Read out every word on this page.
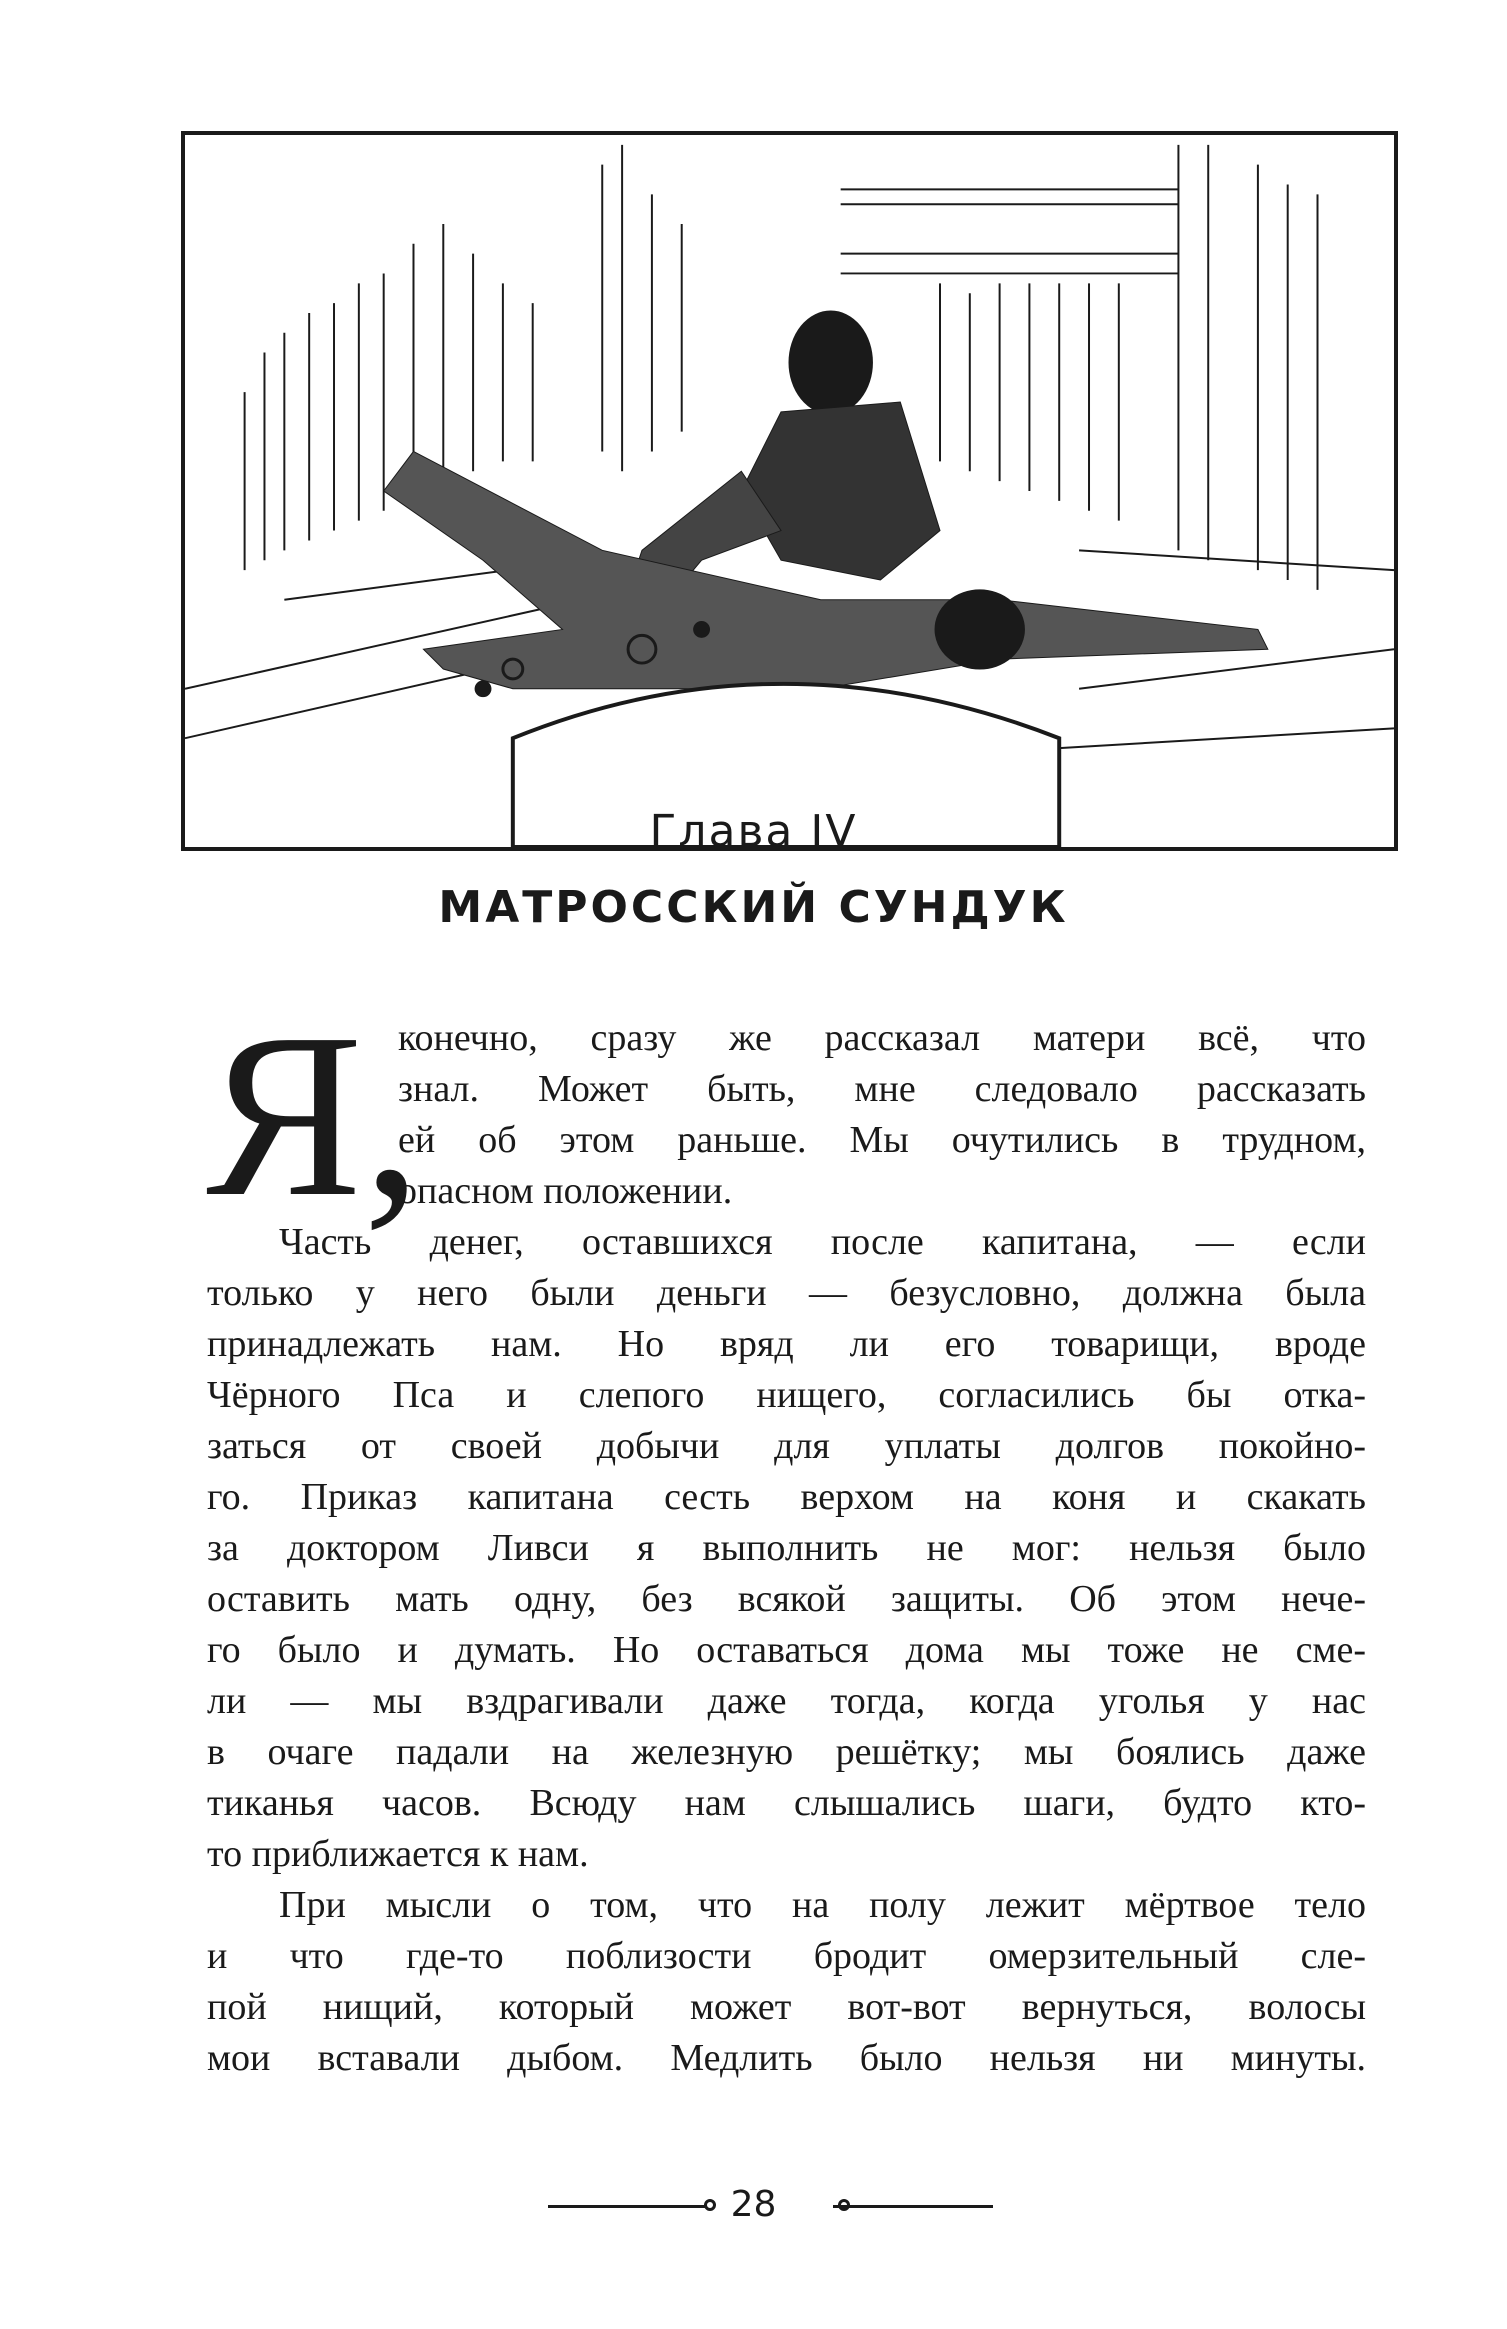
Глава IV
МАТРОССКИЙ СУНДУК
Я,
конечно, сразу же рассказал матери всё, что
знал. Может быть, мне следовало рассказать
ей об этом раньше. Мы очутились в трудном,
опасном положении.
Часть денег, оставшихся после капитана, — если
только у него были деньги — безусловно, должна была
принадлежать нам. Но вряд ли его товарищи, вроде
Чёрного Пса и слепого нищего, согласились бы отка-
заться от своей добычи для уплаты долгов покойно-
го. Приказ капитана сесть верхом на коня и скакать
за доктором Ливси я выполнить не мог: нельзя было
оставить мать одну, без всякой защиты. Об этом нече-
го было и думать. Но оставаться дома мы тоже не сме-
ли — мы вздрагивали даже тогда, когда уголья у нас
в очаге падали на железную решётку; мы боялись даже
тиканья часов. Всюду нам слышались шаги, будто кто-
то приближается к нам.
При мысли о том, что на полу лежит мёртвое тело
и что где-то поблизости бродит омерзительный сле-
пой нищий, который может вот-вот вернуться, волосы
мои вставали дыбом. Медлить было нельзя ни минуты.
28
